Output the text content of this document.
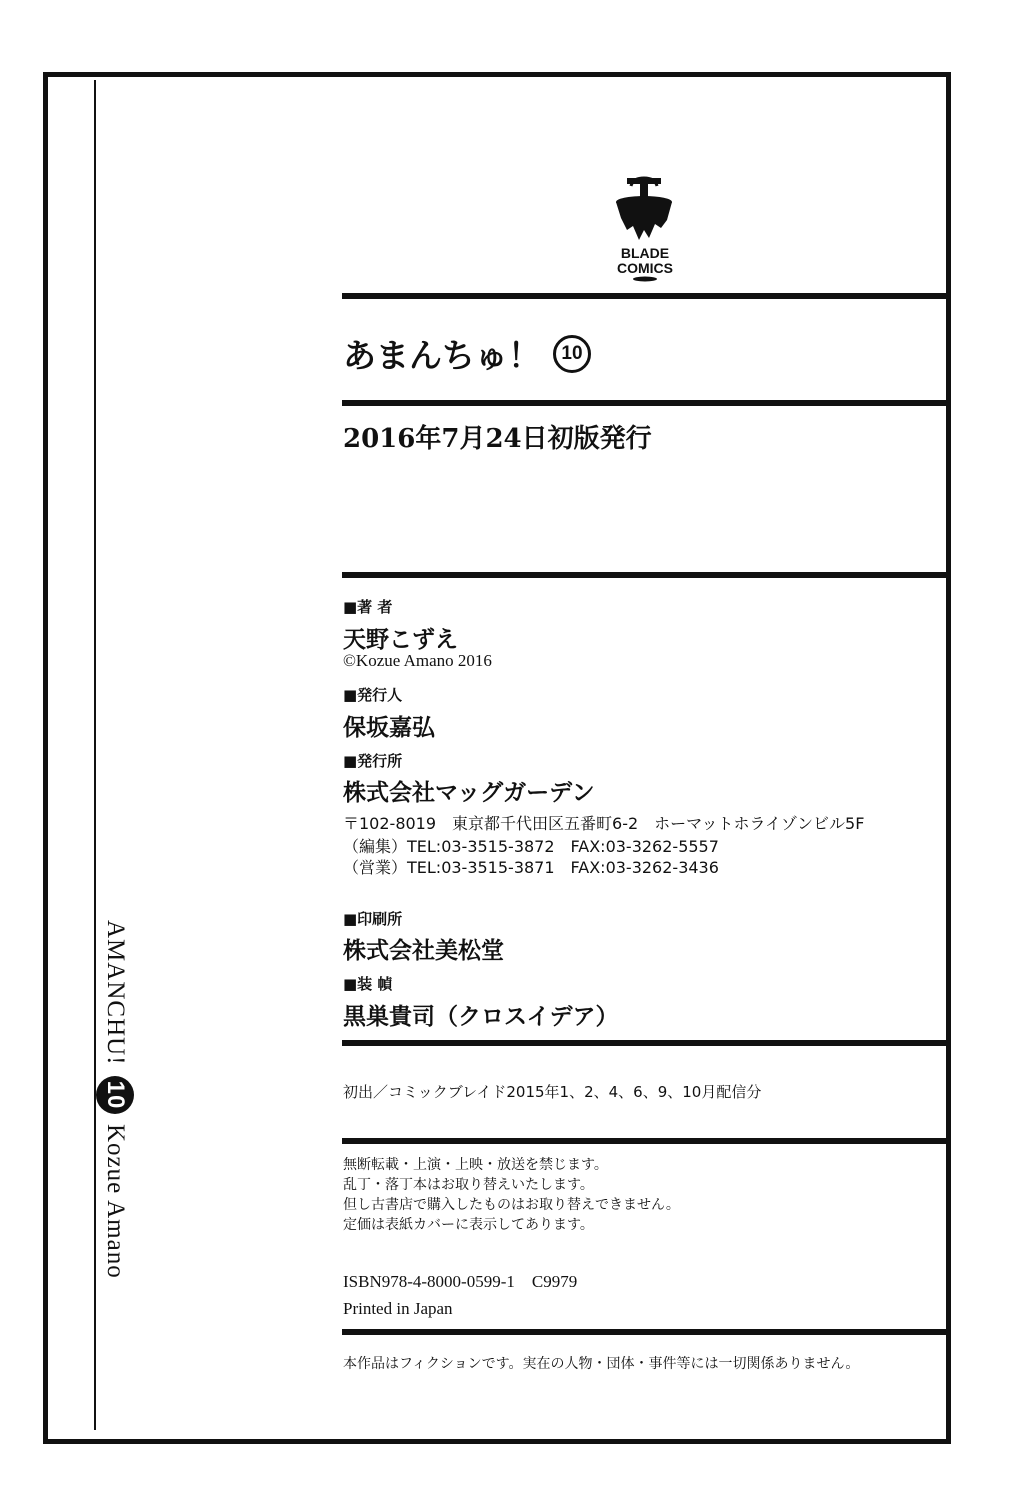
AMANCHU!
10
Kozue Amano
BLADE
COMICS
あまんちゅ！	10
2016年7月24日初版発行
■著 者
天野こずえ
©Kozue Amano 2016
■発行人
保坂嘉弘
■発行所
株式会社マッグガーデン
〒102-8019　東京都千代田区五番町6-2　ホーマットホライゾンビル5F
（編集）TEL:03-3515-3872　FAX:03-3262-5557
（営業）TEL:03-3515-3871　FAX:03-3262-3436
■印刷所
株式会社美松堂
■装 幀
黒巣貴司（クロスイデア）
初出／コミックブレイド2015年1、2、4、6、9、10月配信分
無断転載・上演・上映・放送を禁じます。
乱丁・落丁本はお取り替えいたします。
但し古書店で購入したものはお取り替えできません。
定価は表紙カバーに表示してあります。
ISBN978-4-8000-0599-1　C9979
Printed in Japan
本作品はフィクションです。実在の人物・団体・事件等には一切関係ありません。
